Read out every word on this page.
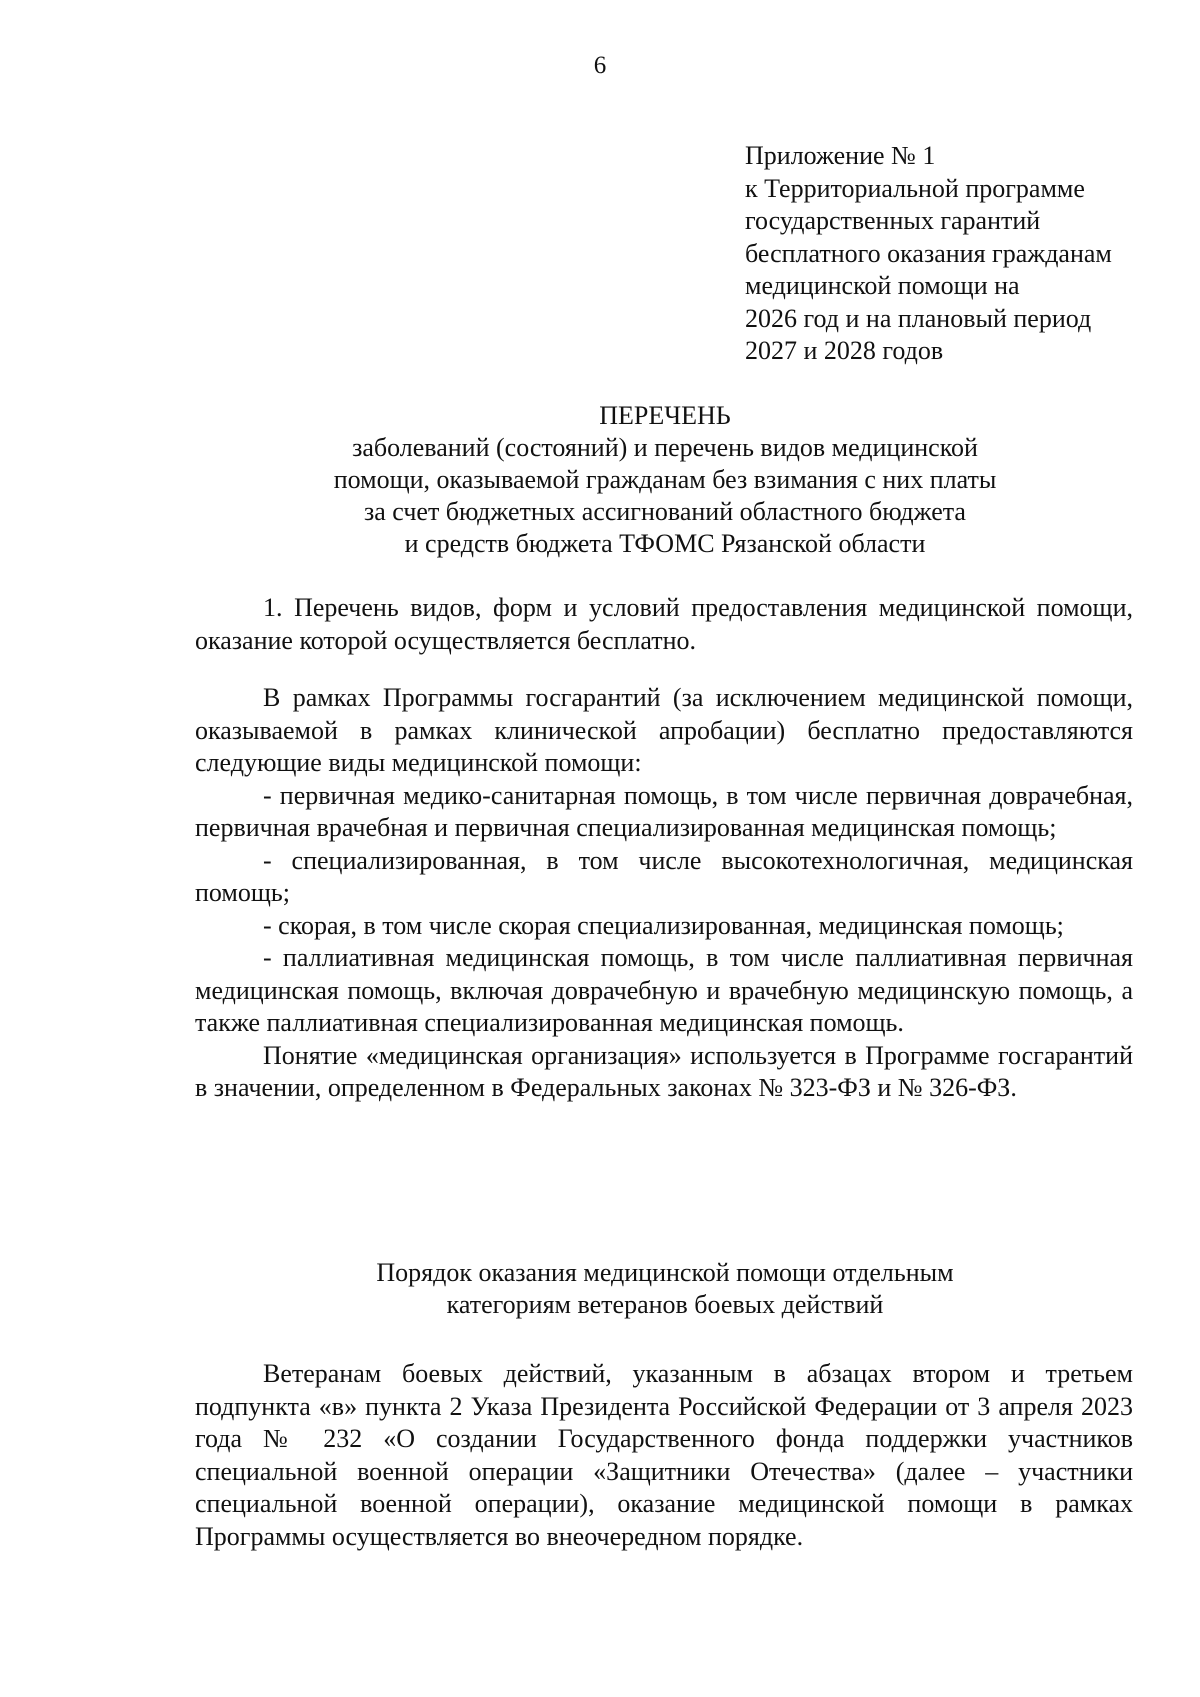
6
Приложение № 1
к Территориальной программе
государственных гарантий
бесплатного оказания гражданам
медицинской помощи на
2026 год и на плановый период
2027 и 2028 годов
ПЕРЕЧЕНЬ
заболеваний (состояний) и перечень видов медицинской
помощи, оказываемой гражданам без взимания с них платы
за счет бюджетных ассигнований областного бюджета
и средств бюджета ТФОМС Рязанской области

1. Перечень видов, форм и условий предоставления медицинской помощи, оказание которой осуществляется бесплатно.

В рамках Программы госгарантий (за исключением медицинской помощи, оказываемой в рамках клинической апробации) бесплатно предоставляются следующие виды медицинской помощи:

- первичная медико-санитарная помощь, в том числе первичная доврачебная, первичная врачебная и первичная специализированная медицинская помощь;

- специализированная, в том числе высокотехнологичная, медицинская помощь;

- скорая, в том числе скорая специализированная, медицинская помощь;

- паллиативная медицинская помощь, в том числе паллиативная первичная медицинская помощь, включая доврачебную и врачебную медицинскую помощь, а также паллиативная специализированная медицинская помощь.

Понятие «медицинская организация» используется в Программе госгарантий в значении, определенном в Федеральных законах № 323-ФЗ и № 326-ФЗ.

Порядок оказания медицинской помощи отдельным
категориям ветеранов боевых действий

Ветеранам боевых действий, указанным в абзацах втором и третьем подпункта «в» пункта 2 Указа Президента Российской Федерации от 3 апреля 2023 года № 232 «О создании Государственного фонда поддержки участников специальной военной операции «Защитники Отечества» (далее – участники специальной военной операции), оказание медицинской помощи в рамках Программы осуществляется во внеочередном порядке.
